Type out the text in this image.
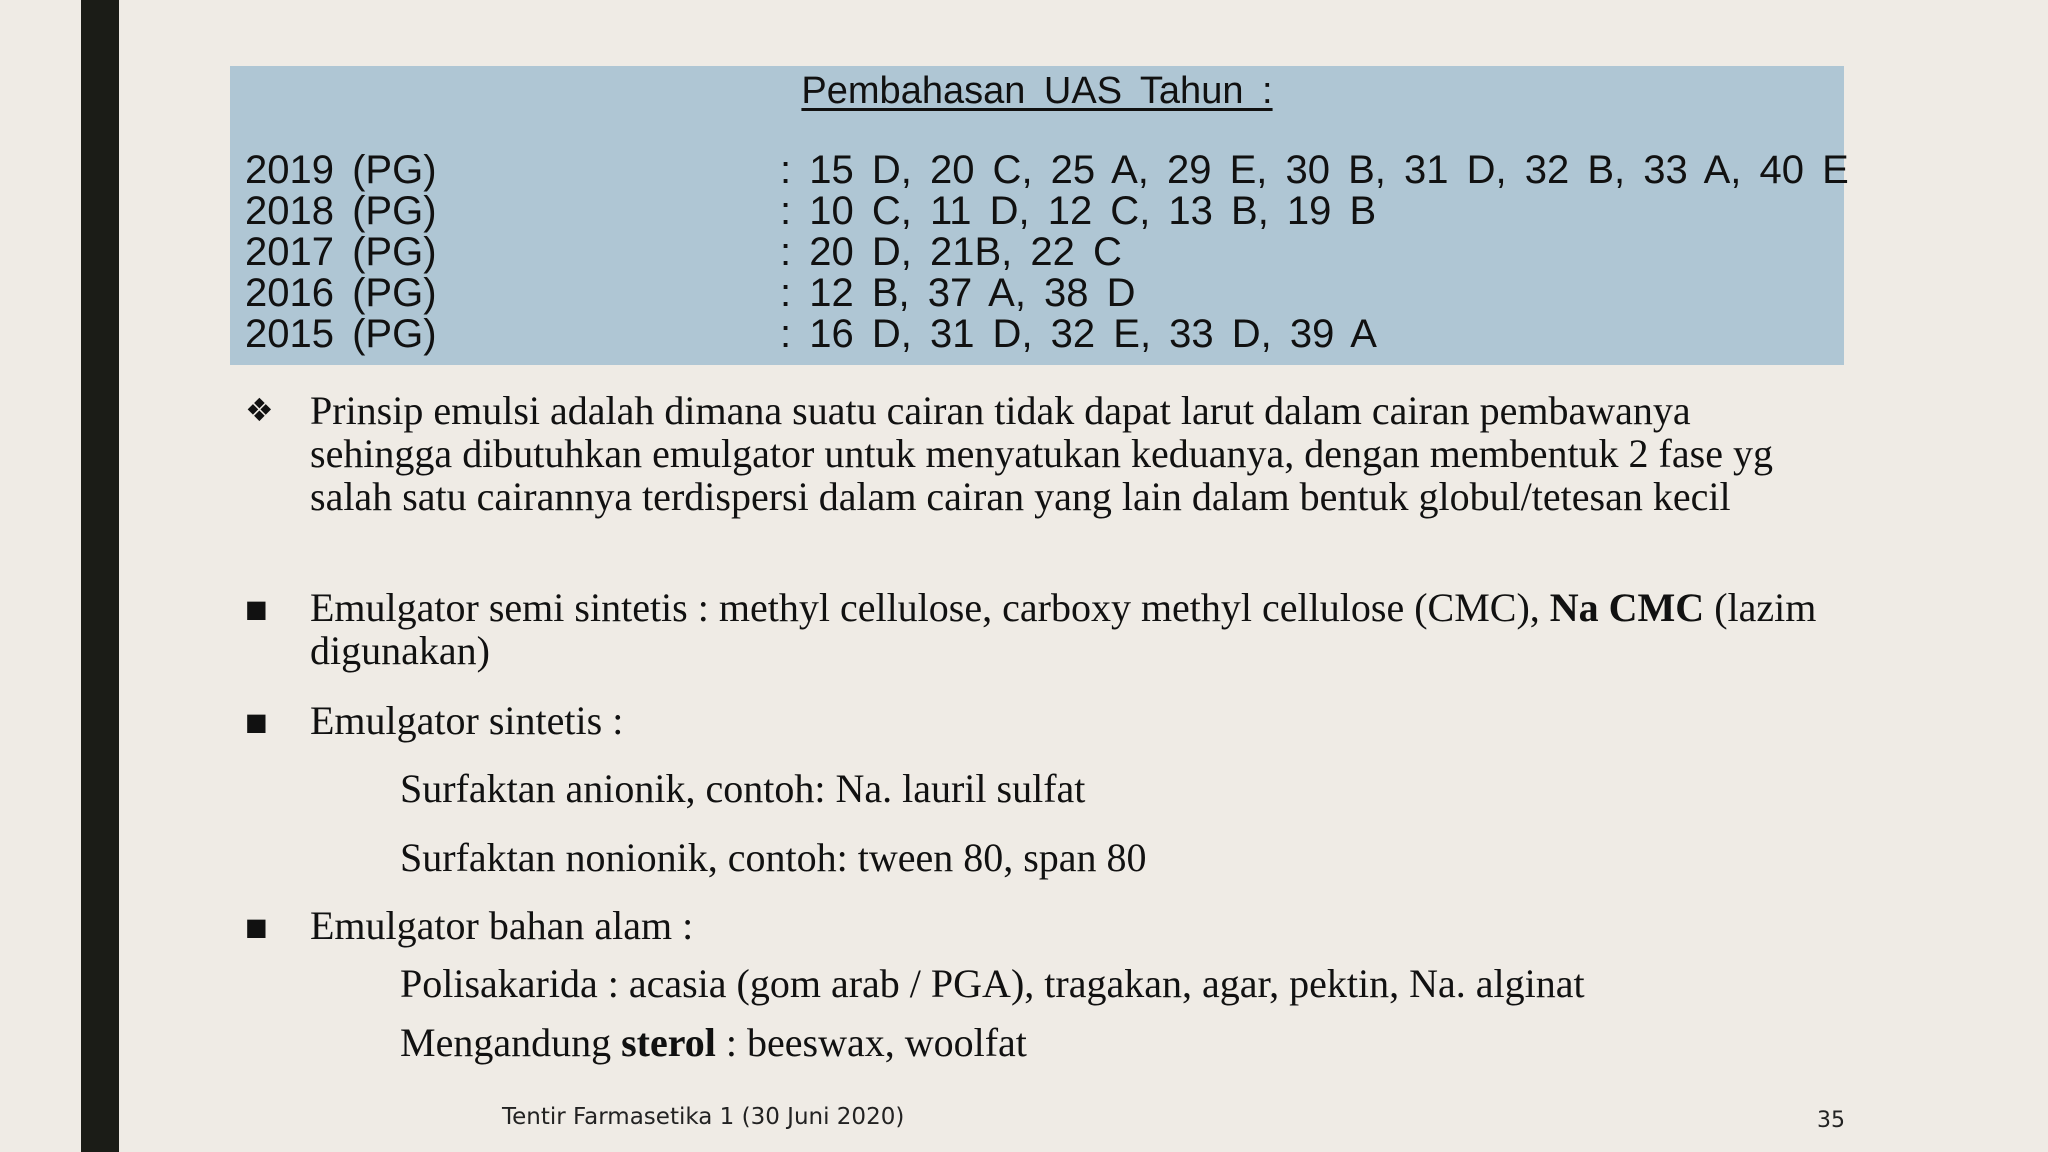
Pembahasan UAS Tahun :
2019 (PG)	: 15 D, 20 C, 25 A, 29 E, 30 B, 31 D, 32 B, 33 A, 40 E
2018 (PG)	: 10 C, 11 D, 12 C, 13 B, 19 B
2017 (PG)	: 20 D, 21B, 22 C
2016 (PG)	: 12 B, 37 A, 38 D
2015 (PG)	: 16 D, 31 D, 32 E, 33 D, 39 A
❖ Prinsip emulsi adalah dimana suatu cairan tidak dapat larut dalam cairan pembawanya sehingga dibutuhkan emulgator untuk menyatukan keduanya, dengan membentuk 2 fase yg salah satu cairannya terdispersi dalam cairan yang lain dalam bentuk globul/tetesan kecil
■	Emulgator semi sintetis : methyl cellulose, carboxy methyl cellulose (CMC), Na CMC (lazim digunakan)
■	Emulgator sintetis :
Surfaktan anionik, contoh: Na. lauril sulfat
Surfaktan nonionik, contoh: tween 80, span 80
■	Emulgator bahan alam :
Polisakarida : acasia (gom arab / PGA), tragakan, agar, pektin, Na. alginat
Mengandung sterol : beeswax, woolfat
Tentir Farmasetika 1 (30 Juni 2020)	35
